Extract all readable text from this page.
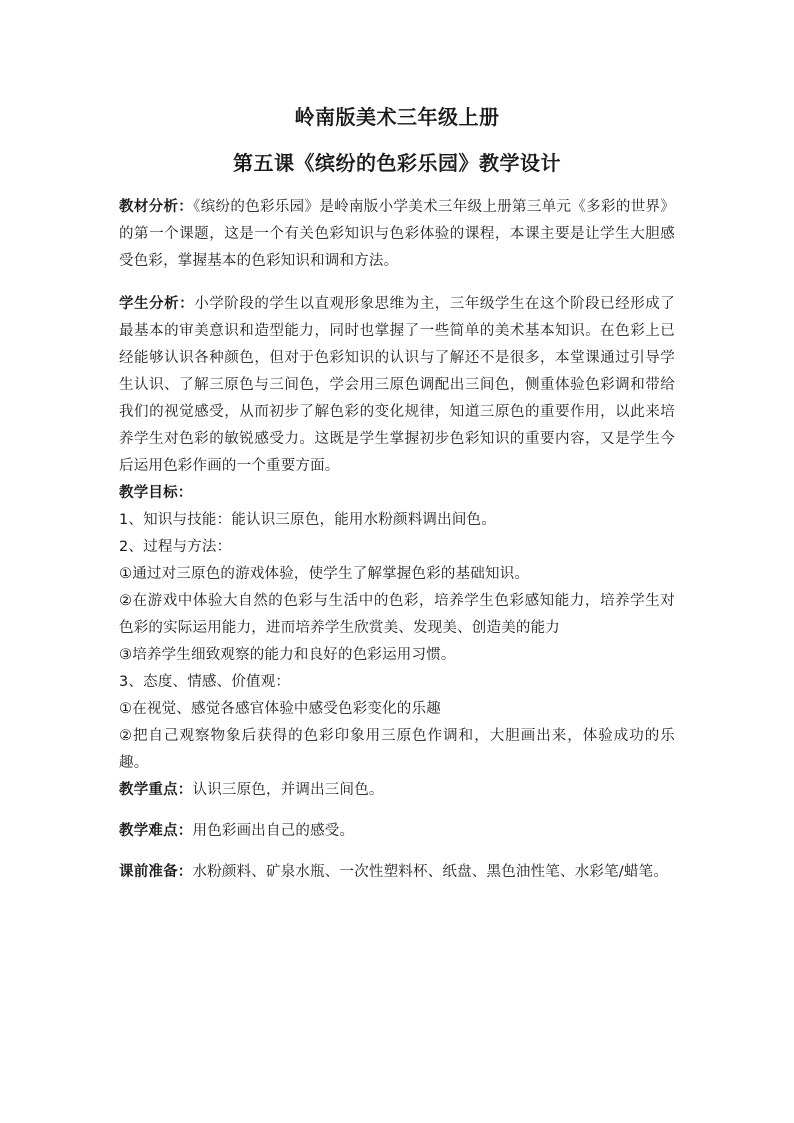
岭南版美术三年级上册

第五课《缤纷的色彩乐园》教学设计

教材分析：《缤纷的色彩乐园》是岭南版小学美术三年级上册第三单元《多彩的世界》的第一个课题，这是一个有关色彩知识与色彩体验的课程，本课主要是让学生大胆感受色彩，掌握基本的色彩知识和调和方法。

学生分析：小学阶段的学生以直观形象思维为主，三年级学生在这个阶段已经形成了最基本的审美意识和造型能力，同时也掌握了一些简单的美术基本知识。在色彩上已经能够认识各种颜色，但对于色彩知识的认识与了解还不是很多，本堂课通过引导学生认识、了解三原色与三间色，学会用三原色调配出三间色，侧重体验色彩调和带给我们的视觉感受，从而初步了解色彩的变化规律，知道三原色的重要作用，以此来培养学生对色彩的敏锐感受力。这既是学生掌握初步色彩知识的重要内容，又是学生今后运用色彩作画的一个重要方面。

教学目标：

1、知识与技能：能认识三原色，能用水粉颜料调出间色。

2、过程与方法：

①通过对三原色的游戏体验，使学生了解掌握色彩的基础知识。

②在游戏中体验大自然的色彩与生活中的色彩，培养学生色彩感知能力，培养学生对色彩的实际运用能力，进而培养学生欣赏美、发现美、创造美的能力

③培养学生细致观察的能力和良好的色彩运用习惯。

3、态度、情感、价值观：

①在视觉、感觉各感官体验中感受色彩变化的乐趣

②把自己观察物象后获得的色彩印象用三原色作调和，大胆画出来，体验成功的乐趣。

教学重点：认识三原色，并调出三间色。

教学难点：用色彩画出自己的感受。

课前准备：水粉颜料、矿泉水瓶、一次性塑料杯、纸盘、黑色油性笔、水彩笔/蜡笔。
